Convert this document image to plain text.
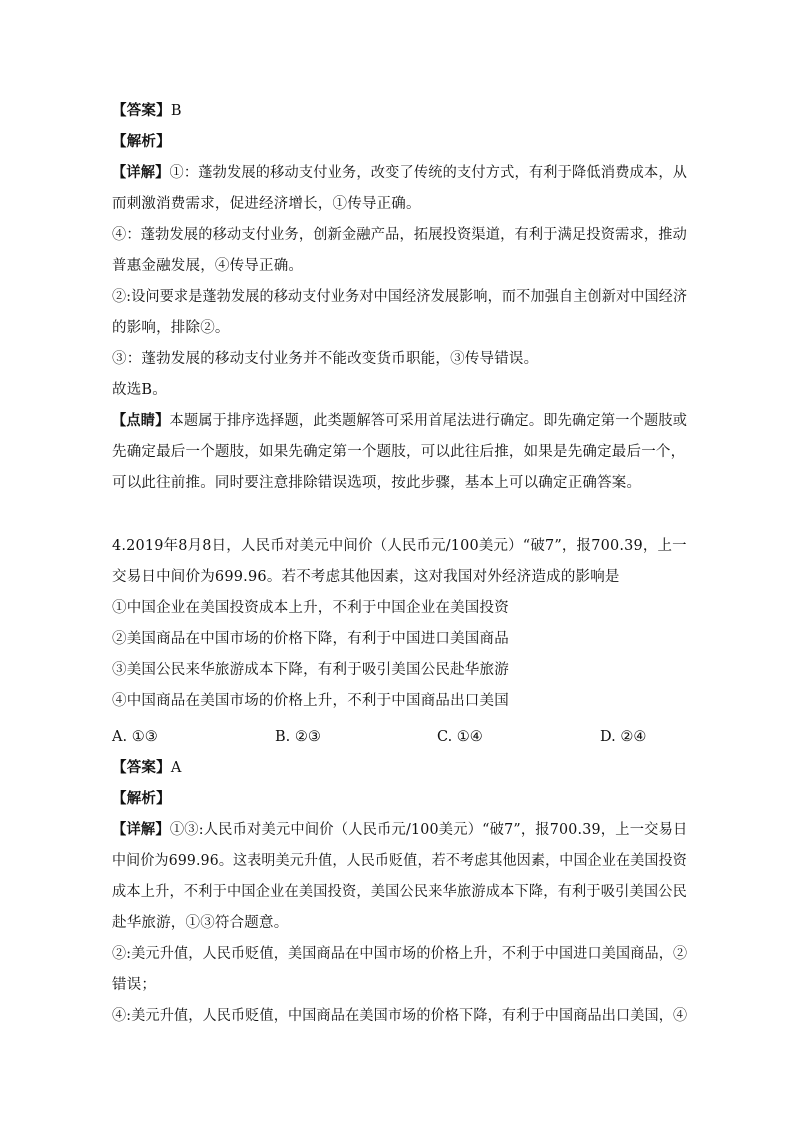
【答案】B
【解析】
【详解】①：蓬勃发展的移动支付业务，改变了传统的支付方式，有利于降低消费成本，从
而刺激消费需求，促进经济增长，①传导正确。
④：蓬勃发展的移动支付业务，创新金融产品，拓展投资渠道，有利于满足投资需求，推动
普惠金融发展，④传导正确。
②:设问要求是蓬勃发展的移动支付业务对中国经济发展影响，而不加强自主创新对中国经济
的影响，排除②。
③：蓬勃发展的移动支付业务并不能改变货币职能，③传导错误。
故选B。
【点睛】本题属于排序选择题，此类题解答可采用首尾法进行确定。即先确定第一个题肢或
先确定最后一个题肢，如果先确定第一个题肢，可以此往后推，如果是先确定最后一个，
可以此往前推。同时要注意排除错误选项，按此步骤，基本上可以确定正确答案。
4.2019年8月8日，人民币对美元中间价（人民币元/100美元）“破7”，报700.39，上一
交易日中间价为699.96。若不考虑其他因素，这对我国对外经济造成的影响是
①中国企业在美国投资成本上升，不利于中国企业在美国投资
②美国商品在中国市场的价格下降，有利于中国进口美国商品
③美国公民来华旅游成本下降，有利于吸引美国公民赴华旅游
④中国商品在美国市场的价格上升，不利于中国商品出口美国
A. ①③	B. ②③	C. ①④	D. ②④
【答案】A
【解析】
【详解】①③:人民币对美元中间价（人民币元/100美元）“破7”，报700.39，上一交易日
中间价为699.96。这表明美元升值，人民币贬值，若不考虑其他因素，中国企业在美国投资
成本上升，不利于中国企业在美国投资，美国公民来华旅游成本下降，有利于吸引美国公民
赴华旅游，①③符合题意。
②:美元升值，人民币贬值，美国商品在中国市场的价格上升，不利于中国进口美国商品，②
错误；
④:美元升值，人民币贬值，中国商品在美国市场的价格下降，有利于中国商品出口美国，④
